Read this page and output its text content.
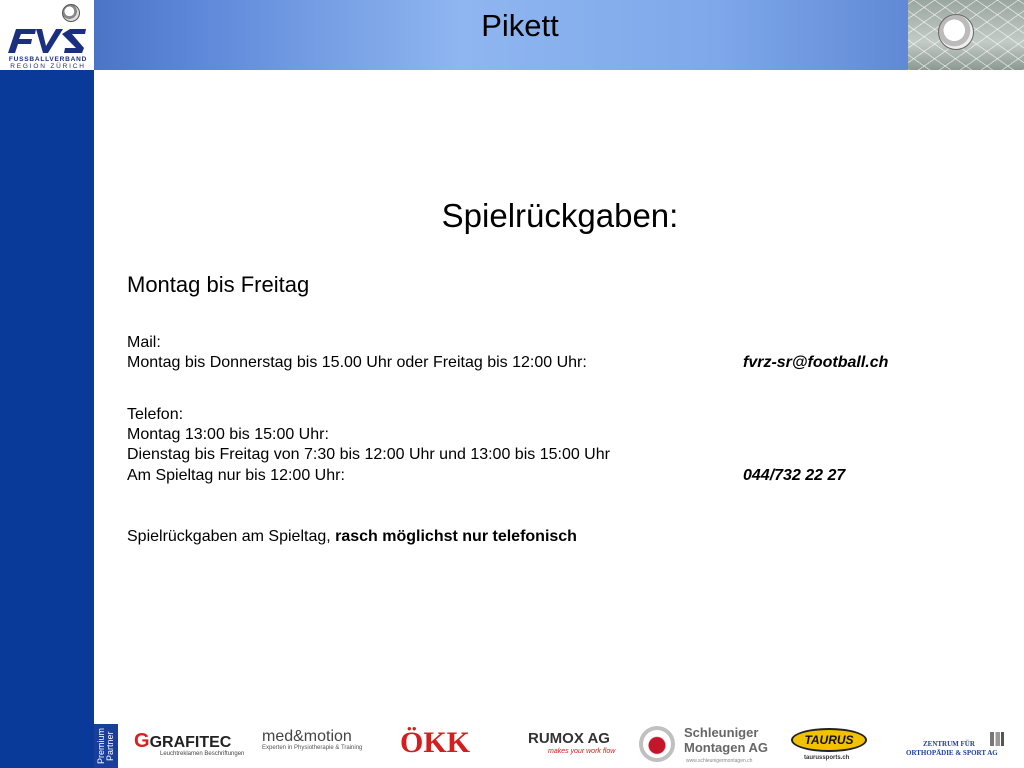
FUSSBALLVERBAND
REGION ZÜRICH
Pikett
Spielrückgaben:
Montag bis Freitag
Mail:
Montag bis Donnerstag bis 15.00 Uhr oder Freitag bis 12:00 Uhr:	fvrz-sr@football.ch
Telefon:
Montag 13:00 bis 15:00 Uhr:
Dienstag bis Freitag von 7:30 bis 12:00 Uhr und 13:00 bis 15:00 Uhr
Am Spieltag nur bis 12:00 Uhr:	044/732 22 27
Spielrückgaben am Spieltag, rasch möglichst nur telefonisch
Premium Partner GGRAFITEC
Leuchtreklamen Beschriftungen
med&motion
Experten in Physiotherapie & Training ÖKK	RUMOX AG
makes your work flow
Schleuniger
Montagen AG
www.schleunigermontagen.ch
TAURUS
taurussports.ch
ZENTRUM FÜR
ORTHOPÄDIE & SPORT AG
